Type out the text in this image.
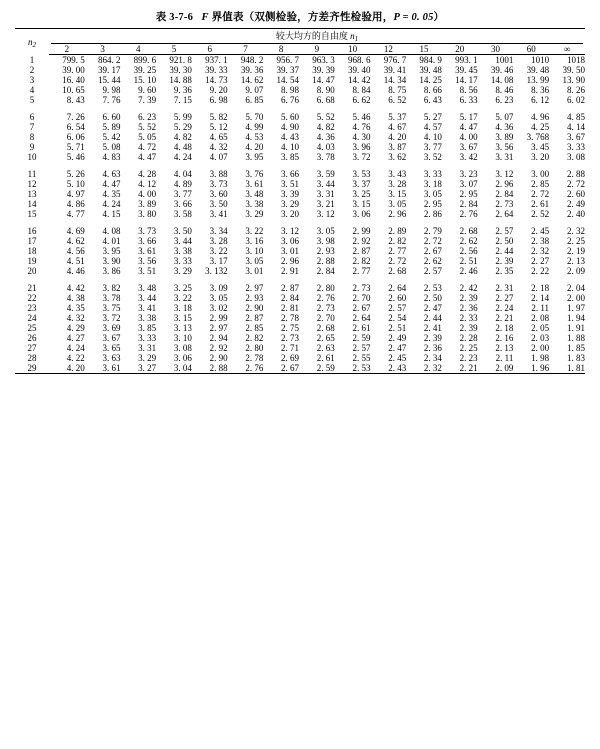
表 3-7-6 F 界值表（双侧检验，方差齐性检验用，P = 0. 05）
$n_2$	较大均方的自由度 $n_1$

	2	3	4	5	6	7	8	9	10	12	15	20	30	60	∞
1	799. 5	864. 2	899. 6	921. 8	937. 1	948. 2	956. 7	963. 3	968. 6	976. 7	984. 9	993. 1	1001	1010	1018
2	39. 00	39. 17	39. 25	39. 30	39. 33	39. 36	39. 37	39. 39	39. 40	39. 41	39. 48	39. 45	39. 46	39. 48	39. 50
3	16. 40	15. 44	15. 10	14. 88	14. 73	14. 62	14. 54	14. 47	14. 42	14. 34	14. 25	14. 17	14. 08	13. 99	13. 90
4	10. 65	9. 98	9. 60	9. 36	9. 20	9. 07	8. 98	8. 90	8. 84	8. 75	8. 66	8. 56	8. 46	8. 36	8. 26
5	8. 43	7. 76	7. 39	7. 15	6. 98	6. 85	6. 76	6. 68	6. 62	6. 52	6. 43	6. 33	6. 23	6. 12	6. 02

6	7. 26	6. 60	6. 23	5. 99	5. 82	5. 70	5. 60	5. 52	5. 46	5. 37	5. 27	5. 17	5. 07	4. 96	4. 85
7	6. 54	5. 89	5. 52	5. 29	5. 12	4. 99	4. 90	4. 82	4. 76	4. 67	4. 57	4. 47	4. 36	4. 25	4. 14
8	6. 06	5. 42	5. 05	4. 82	4. 65	4. 53	4. 43	4. 36	4. 30	4. 20	4. 10	4. 00	3. 89	3. 768	3. 67
9	5. 71	5. 08	4. 72	4. 48	4. 32	4. 20	4. 10	4. 03	3. 96	3. 87	3. 77	3. 67	3. 56	3. 45	3. 33
10	5. 46	4. 83	4. 47	4. 24	4. 07	3. 95	3. 85	3. 78	3. 72	3. 62	3. 52	3. 42	3. 31	3. 20	3. 08

11	5. 26	4. 63	4. 28	4. 04	3. 88	3. 76	3. 66	3. 59	3. 53	3. 43	3. 33	3. 23	3. 12	3. 00	2. 88
12	5. 10	4. 47	4. 12	4. 89	3. 73	3. 61	3. 51	3. 44	3. 37	3. 28	3. 18	3. 07	2. 96	2. 85	2. 72
13	4. 97	4. 35	4. 00	3. 77	3. 60	3. 48	3. 39	3. 31	3. 25	3. 15	3. 05	2. 95	2. 84	2. 72	2. 60
14	4. 86	4. 24	3. 89	3. 66	3. 50	3. 38	3. 29	3. 21	3. 15	3. 05	2. 95	2. 84	2. 73	2. 61	2. 49
15	4. 77	4. 15	3. 80	3. 58	3. 41	3. 29	3. 20	3. 12	3. 06	2. 96	2. 86	2. 76	2. 64	2. 52	2. 40

16	4. 69	4. 08	3. 73	3. 50	3. 34	3. 22	3. 12	3. 05	2. 99	2. 89	2. 79	2. 68	2. 57	2. 45	2. 32
17	4. 62	4. 01	3. 66	3. 44	3. 28	3. 16	3. 06	3. 98	2. 92	2. 82	2. 72	2. 62	2. 50	2. 38	2. 25
18	4. 56	3. 95	3. 61	3. 38	3. 22	3. 10	3. 01	2. 93	2. 87	2. 77	2. 67	2. 56	2. 44	2. 32	2. 19
19	4. 51	3. 90	3. 56	3. 33	3. 17	3. 05	2. 96	2. 88	2. 82	2. 72	2. 62	2. 51	2. 39	2. 27	2. 13
20	4. 46	3. 86	3. 51	3. 29	3. 132	3. 01	2. 91	2. 84	2. 77	2. 68	2. 57	2. 46	2. 35	2. 22	2. 09

21	4. 42	3. 82	3. 48	3. 25	3. 09	2. 97	2. 87	2. 80	2. 73	2. 64	2. 53	2. 42	2. 31	2. 18	2. 04
22	4. 38	3. 78	3. 44	3. 22	3. 05	2. 93	2. 84	2. 76	2. 70	2. 60	2. 50	2. 39	2. 27	2. 14	2. 00
23	4. 35	3. 75	3. 41	3. 18	3. 02	2. 90	2. 81	2. 73	2. 67	2. 57	2. 47	2. 36	2. 24	2. 11	1. 97
24	4. 32	3. 72	3. 38	3. 15	2. 99	2. 87	2. 78	2. 70	2. 64	2. 54	2. 44	2. 33	2. 21	2. 08	1. 94
25	4. 29	3. 69	3. 85	3. 13	2. 97	2. 85	2. 75	2. 68	2. 61	2. 51	2. 41	2. 39	2. 18	2. 05	1. 91

26	4. 27	3. 67	3. 33	3. 10	2. 94	2. 82	2. 73	2. 65	2. 59	2. 49	2. 39	2. 28	2. 16	2. 03	1. 88
27	4. 24	3. 65	3. 31	3. 08	2. 92	2. 80	2. 71	2. 63	2. 57	2. 47	2. 36	2. 25	2. 13	2. 00	1. 85
28	4. 22	3. 63	3. 29	3. 06	2. 90	2. 78	2. 69	2. 61	2. 55	2. 45	2. 34	2. 23	2. 11	1. 98	1. 83
29	4. 20	3. 61	3. 27	3. 04	2. 88	2. 76	2. 67	2. 59	2. 53	2. 43	2. 32	2. 21	2. 09	1. 96	1. 81
